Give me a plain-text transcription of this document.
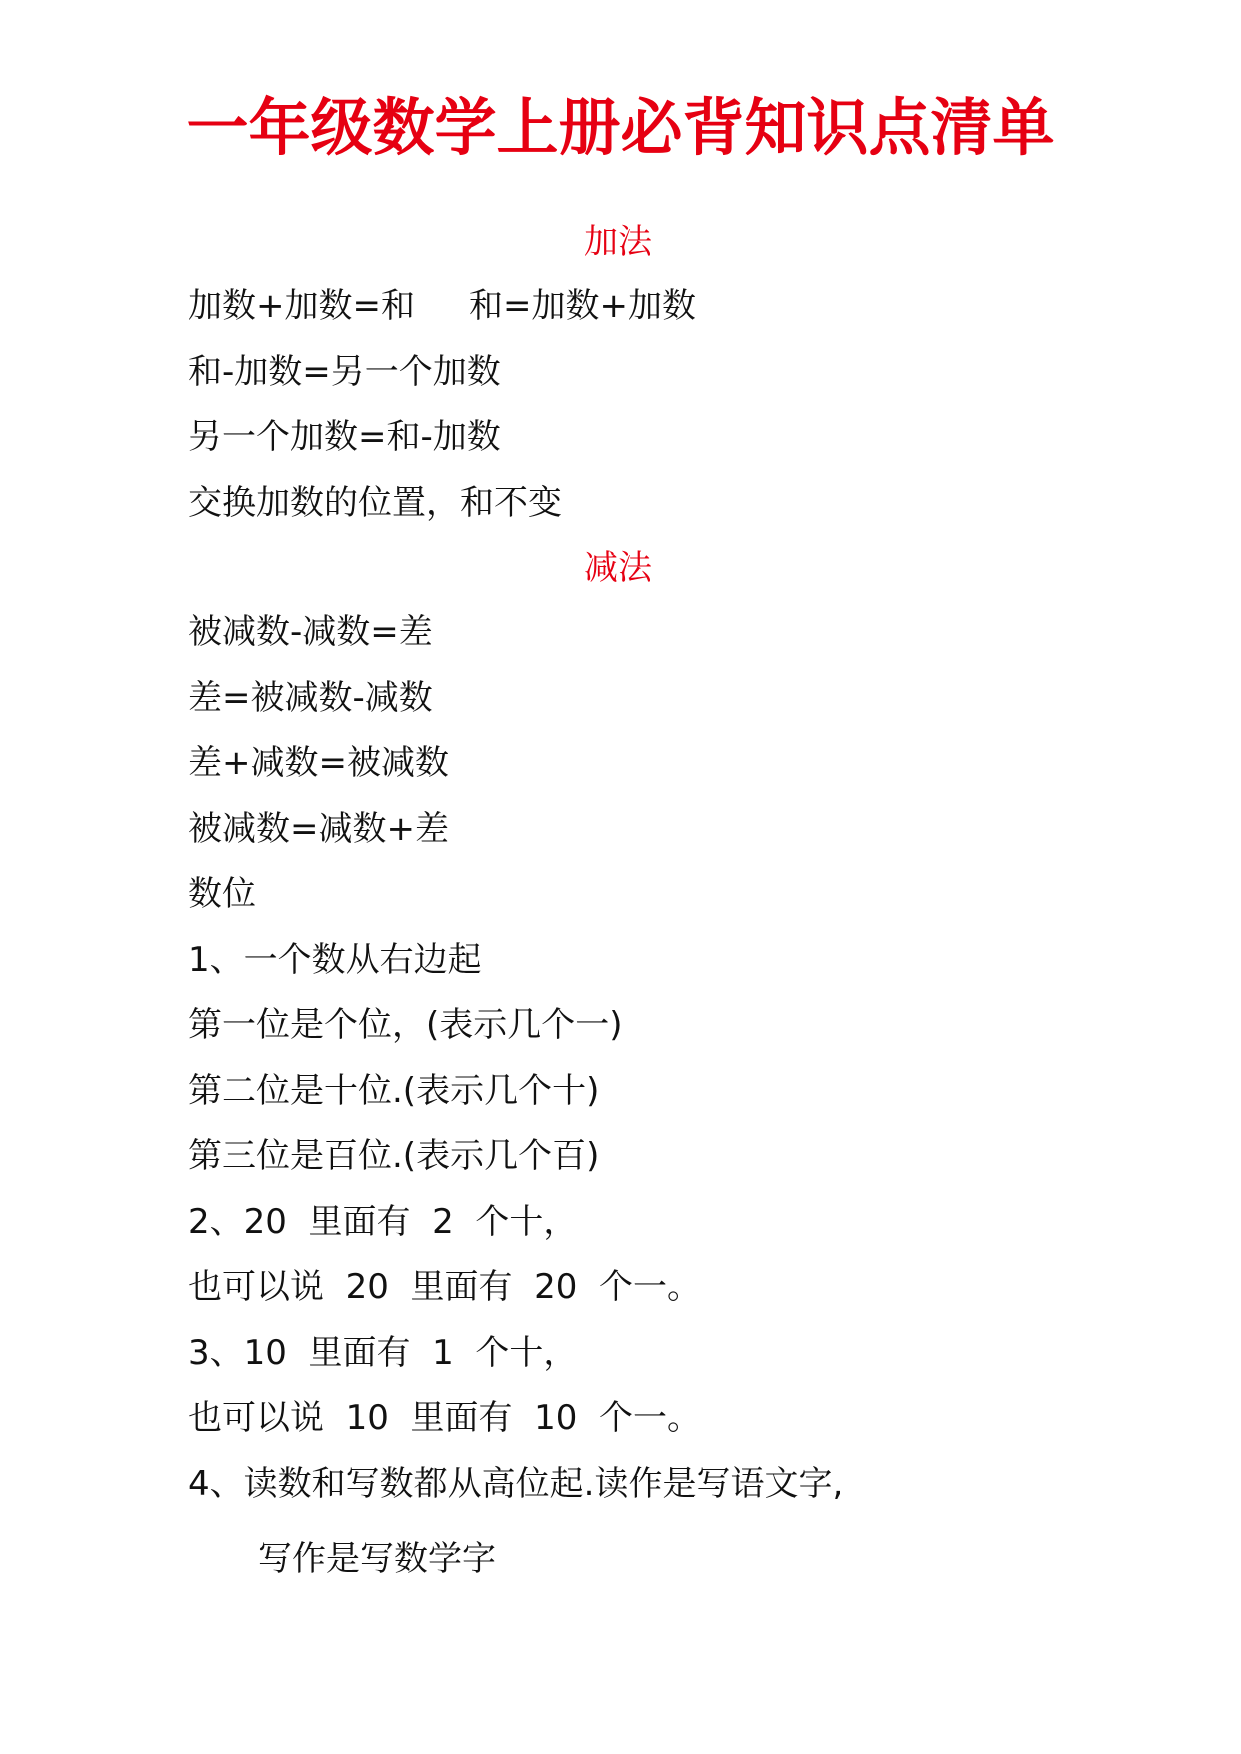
一年级数学上册必背知识点清单
加法
加数+加数=和     和=加数+加数
和-加数=另一个加数
另一个加数=和-加数
交换加数的位置，和不变
减法
被减数-减数=差
差=被减数-减数
差+减数=被减数
被减数=减数+差
数位
1、一个数从右边起
第一位是个位，(表示几个一)
第二位是十位.(表示几个十)
第三位是百位.(表示几个百)
2、20  里面有  2  个十，
也可以说  20  里面有  20  个一。
3、10  里面有  1  个十，
也可以说  10  里面有  10  个一。
4、读数和写数都从高位起.读作是写语文字,
写作是写数学字
